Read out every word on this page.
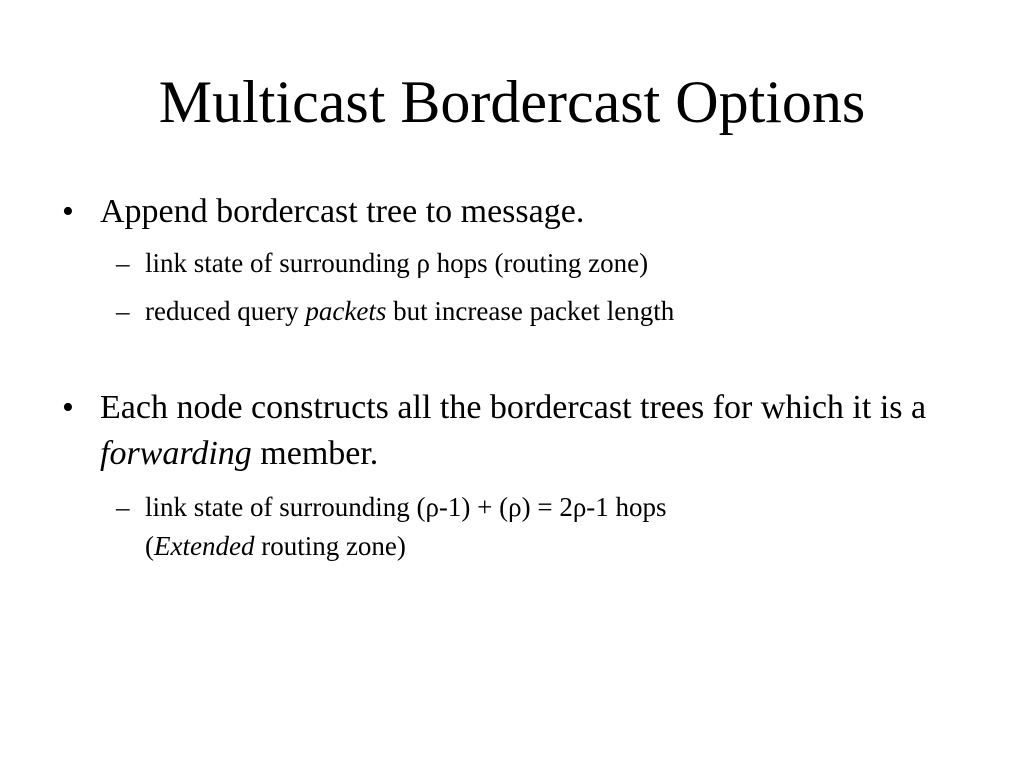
Multicast Bordercast Options
• Append bordercast tree to message.
– link state of surrounding ρ hops (routing zone)
– reduced query packets but increase packet length
• Each node constructs all the bordercast trees for which it is a forwarding member.
– link state of surrounding (ρ-1) + (ρ) = 2ρ-1 hops
(Extended routing zone)
